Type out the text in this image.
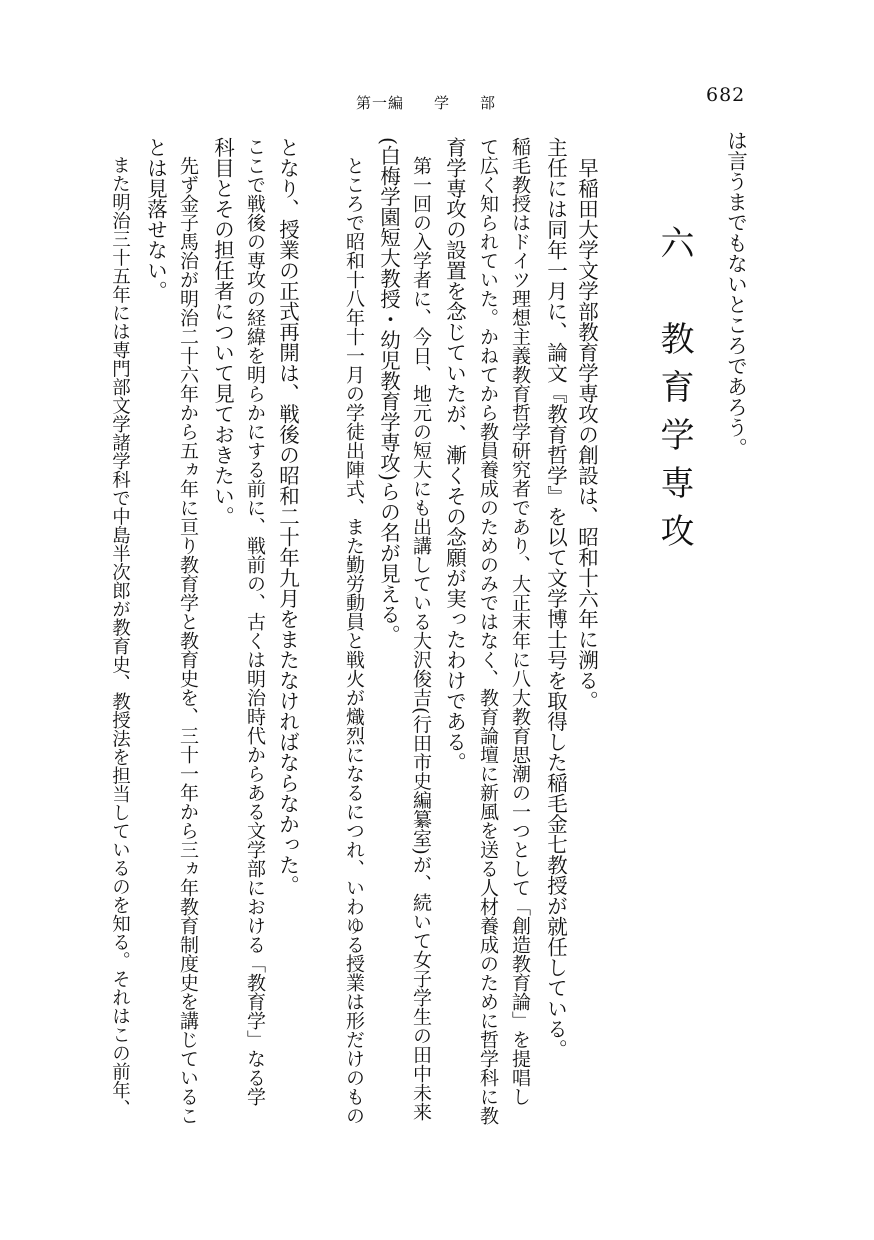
682
第一編 学 部
は言うまでもないところであろう。
六　教育学専攻
　早稲田大学文学部教育学専攻の創設は、昭和十六年に溯る。
主任には同年一月に、論文『教育哲学』を以て文学博士号を取得した稲毛金七教授が就任している。
稲毛教授はドイツ理想主義教育哲学研究者であり、大正末年に八大教育思潮の一つとして「創造教育論」を提唱し
て広く知られていた。かねてから教員養成のためのみではなく、教育論壇に新風を送る人材養成のために哲学科に教
育学専攻の設置を念じていたが、漸くその念願が実ったわけである。
　第一回の入学者に、今日、地元の短大にも出講している大沢俊吉(行田市史編纂室)が、続いて女子学生の田中未来
(白梅学園短大教授・幼児教育学専攻)らの名が見える。
　ところで昭和十八年十一月の学徒出陣式、また勤労動員と戦火が熾烈になるにつれ、いわゆる授業は形だけのもの
となり、授業の正式再開は、戦後の昭和二十年九月をまたなければならなかった。
ここで戦後の専攻の経緯を明らかにする前に、戦前の、古くは明治時代からある文学部における「教育学」なる学
科目とその担任者について見ておきたい。
　先ず金子馬治が明治二十六年から五ヵ年に亘り教育学と教育史を、三十一年から三ヵ年教育制度史を講じているこ
とは見落せない。
　また明治三十五年には専門部文学諸学科で中島半次郎が教育史、教授法を担当しているのを知る。それはこの前年、
